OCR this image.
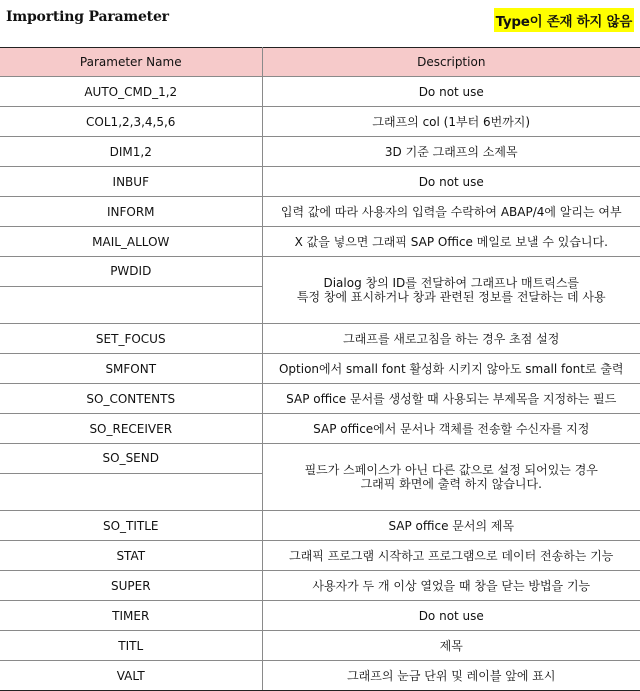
Importing Parameter	Type이 존재 하지 않음
Parameter Name	Description
AUTO_CMD_1,2	Do not use

COL1,2,3,4,5,6	그래프의 col (1부터 6번까지)

DIM1,2	3D 기준 그래프의 소제목

INBUF	Do not use

INFORM	입력 값에 따라 사용자의 입력을 수락하여 ABAP/4에 알리는 여부

MAIL_ALLOW	X 값을 넣으면 그래픽 SAP Office 메일로 보낼 수 있습니다.

PWDID	Dialog 창의 ID를 전달하여 그래프나 매트릭스를
특정 창에 표시하거나 창과 관련된 정보를 전달하는 데 사용

SET_FOCUS	그래프를 새로고침을 하는 경우 초점 설정

SMFONT	Option에서 small font 활성화 시키지 않아도 small font로 출력

SO_CONTENTS	SAP office 문서를 생성할 때 사용되는 부제목을 지정하는 필드

SO_RECEIVER	SAP office에서 문서나 객체를 전송할 수신자를 지정

SO_SEND	필드가 스페이스가 아닌 다른 값으로 설정 되어있는 경우
그래픽 화면에 출력 하지 않습니다.

SO_TITLE	SAP office 문서의 제목

STAT	그래픽 프로그램 시작하고 프로그램으로 데이터 전송하는 기능

SUPER	사용자가 두 개 이상 열었을 때 창을 닫는 방법을 기능

TIMER	Do not use

TITL	제목

VALT	그래프의 눈금 단위 및 레이블 앞에 표시
